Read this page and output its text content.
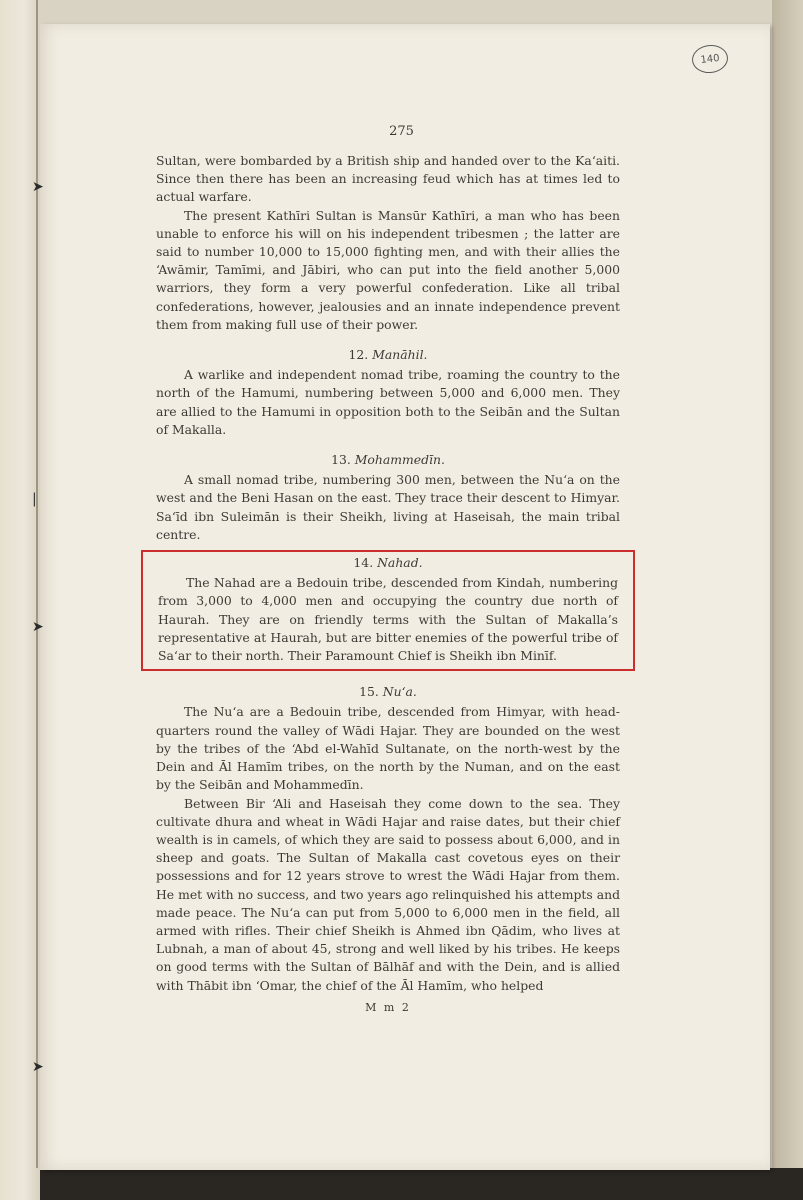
➤
|
➤
➤
140
275

Sultan, were bombarded by a British ship and handed over to the Ka‘aiti. Since then there has been an increasing feud which has at times led to actual warfare.

The present Kathīri Sultan is Mansūr Kathīri, a man who has been unable to enforce his will on his independent tribesmen ; the latter are said to number 10,000 to 15,000 fighting men, and with their allies the ‘Awāmir, Tamīmi, and Jābiri, who can put into the field another 5,000 warriors, they form a very powerful confederation. Like all tribal confederations, however, jealousies and an innate independence prevent them from making full use of their power.

12. Manāhil.

A warlike and independent nomad tribe, roaming the country to the north of the Hamumi, numbering between 5,000 and 6,000 men. They are allied to the Hamumi in opposition both to the Seibān and the Sultan of Makalla.

13. Mohammedīn.

A small nomad tribe, numbering 300 men, between the Nu‘a on the west and the Beni Hasan on the east. They trace their descent to Himyar. Sa‘īd ibn Suleimān is their Sheikh, living at Haseisah, the main tribal centre.

14. Nahad.

The Nahad are a Bedouin tribe, descended from Kindah, numbering from 3,000 to 4,000 men and occupying the country due north of Haurah. They are on friendly terms with the Sultan of Makalla’s representative at Haurah, but are bitter enemies of the powerful tribe of Sa‘ar to their north. Their Paramount Chief is Sheikh ibn Minīf.

15. Nu‘a.

The Nu‘a are a Bedouin tribe, descended from Himyar, with head-quarters round the valley of Wādi Hajar. They are bounded on the west by the tribes of the ‘Abd el-Wahīd Sultanate, on the north-west by the Dein and Āl Hamīm tribes, on the north by the Numan, and on the east by the Seibān and Mohammedīn.

Between Bir ‘Ali and Haseisah they come down to the sea. They cultivate dhura and wheat in Wādi Hajar and raise dates, but their chief wealth is in camels, of which they are said to possess about 6,000, and in sheep and goats. The Sultan of Makalla cast covetous eyes on their possessions and for 12 years strove to wrest the Wādi Hajar from them. He met with no success, and two years ago relinquished his attempts and made peace. The Nu‘a can put from 5,000 to 6,000 men in the field, all armed with rifles. Their chief Sheikh is Ahmed ibn Qādim, who lives at Lubnah, a man of about 45, strong and well liked by his tribes. He keeps on good terms with the Sultan of Bālhāf and with the Dein, and is allied with Thābit ibn ‘Omar, the chief of the Āl Hamīm, who helped

M m 2
